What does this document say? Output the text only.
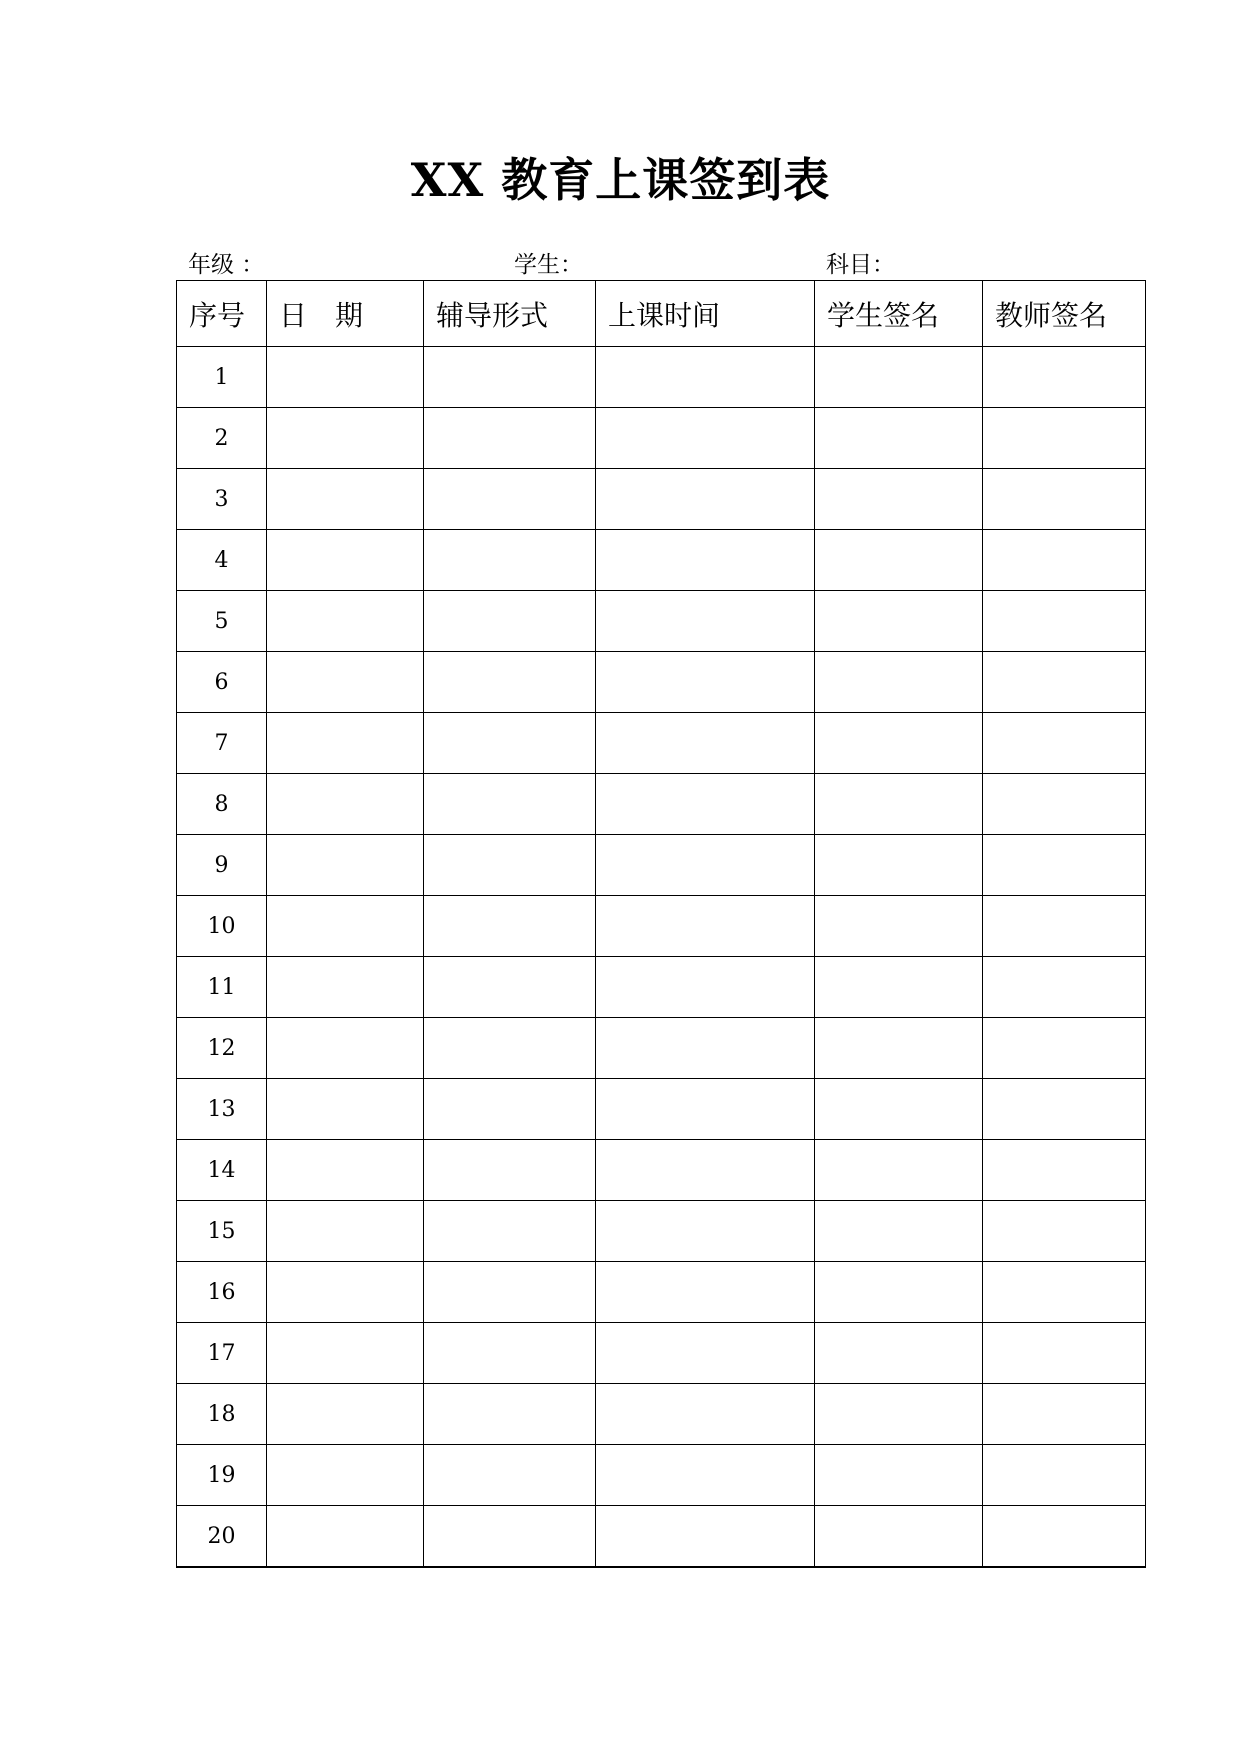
XX 教育上课签到表
年级 ：	学生：	科目：
序号	日　期	辅导形式	上课时间	学生签名	教师签名
1					
2					
3					
4					
5					
6					
7					
8					
9					
10					
11					
12					
13					
14					
15					
16					
17					
18					
19					
20					
